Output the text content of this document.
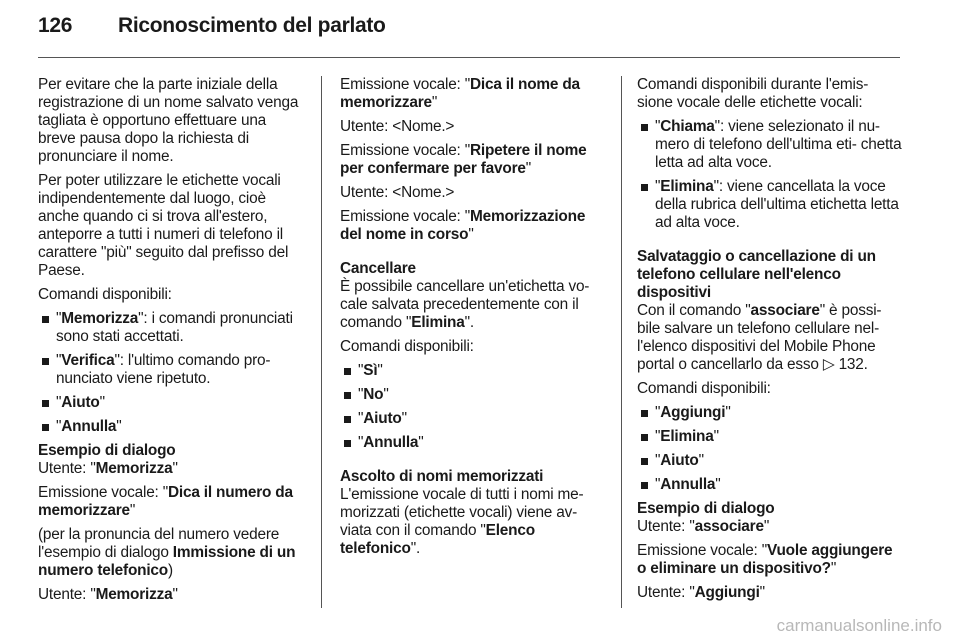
126	Riconoscimento del parlato

Per evitare che la parte iniziale della registrazione di un nome salvato venga tagliata è opportuno effettuare una breve pausa dopo la richiesta di pronunciare il nome.

Per poter utilizzare le etichette vocali indipendentemente dal luogo, cioè anche quando ci si trova all'estero, anteporre a tutti i numeri di telefono il carattere "più" seguito dal prefisso del Paese.

Comandi disponibili:

"Memorizza": i comandi pronunciati sono stati accettati.
"Verifica": l'ultimo comando pro- nunciato viene ripetuto.
"Aiuto"
"Annulla"

Esempio di dialogo

Utente: "Memorizza"

Emissione vocale: "Dica il numero da memorizzare"

(per la pronuncia del numero vedere l'esempio di dialogo Immissione di un numero telefonico)

Utente: "Memorizza"

Emissione vocale: "Dica il nome da memorizzare"

Utente: <Nome.>

Emissione vocale: "Ripetere il nome per confermare per favore"

Utente: <Nome.>

Emissione vocale: "Memorizzazione del nome in corso"

Cancellare

È possibile cancellare un'etichetta vo- cale salvata precedentemente con il comando "Elimina".

Comandi disponibili:

"Sì"
"No"
"Aiuto"
"Annulla"

Ascolto di nomi memorizzati

L'emissione vocale di tutti i nomi me- morizzati (etichette vocali) viene av- viata con il comando "Elenco telefonico".

Comandi disponibili durante l'emis- sione vocale delle etichette vocali:

"Chiama": viene selezionato il nu- mero di telefono dell'ultima eti- chetta letta ad alta voce.
"Elimina": viene cancellata la voce della rubrica dell'ultima etichetta letta ad alta voce.

Salvataggio o cancellazione di un telefono cellulare nell'elenco dispositivi

Con il comando "associare" è possi- bile salvare un telefono cellulare nel- l'elenco dispositivi del Mobile Phone portal o cancellarlo da esso ▷ 132.

Comandi disponibili:

"Aggiungi"
"Elimina"
"Aiuto"
"Annulla"

Esempio di dialogo

Utente: "associare"

Emissione vocale: "Vuole aggiungere o eliminare un dispositivo?"

Utente: "Aggiungi"

carmanualsonline.info
